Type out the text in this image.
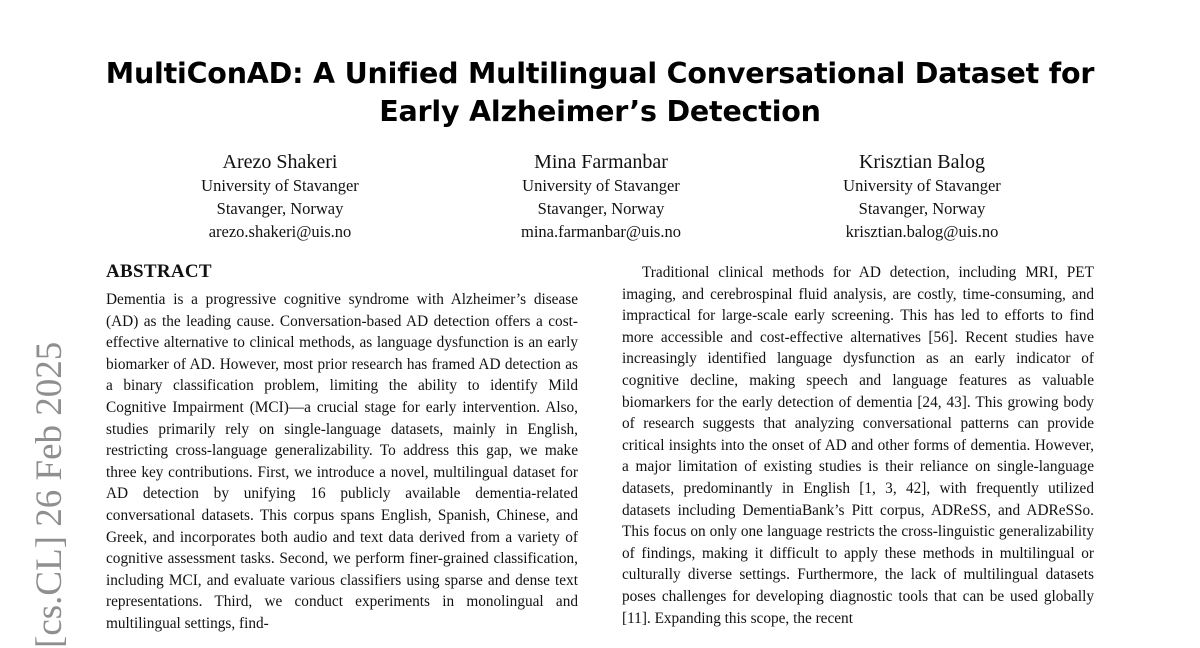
MultiConAD: A Unified Multilingual Conversational Dataset for
Early Alzheimer’s Detection
Arezo Shakeri
University of Stavanger
Stavanger, Norway
arezo.shakeri@uis.no
Mina Farmanbar
University of Stavanger
Stavanger, Norway
mina.farmanbar@uis.no
Krisztian Balog
University of Stavanger
Stavanger, Norway
krisztian.balog@uis.no
[cs.CL] 26 Feb 2025
ABSTRACT

Dementia is a progressive cognitive syndrome with Alzheimer’s disease (AD) as the leading cause. Conversation-based AD detection offers a cost-effective alternative to clinical methods, as language dysfunction is an early biomarker of AD. However, most prior research has framed AD detection as a binary classification problem, limiting the ability to identify Mild Cognitive Impairment (MCI)—a crucial stage for early intervention. Also, studies primarily rely on single-language datasets, mainly in English, restricting cross-language generalizability. To address this gap, we make three key contributions. First, we introduce a novel, multilingual dataset for AD detection by unifying 16 publicly available dementia-related conversational datasets. This corpus spans English, Spanish, Chinese, and Greek, and incorporates both audio and text data derived from a variety of cognitive assessment tasks. Second, we perform finer-grained classification, including MCI, and evaluate various classifiers using sparse and dense text representations. Third, we conduct experiments in monolingual and multilingual settings, find-

Traditional clinical methods for AD detection, including MRI, PET imaging, and cerebrospinal fluid analysis, are costly, time-consuming, and impractical for large-scale early screening. This has led to efforts to find more accessible and cost-effective alternatives [56]. Recent studies have increasingly identified language dysfunction as an early indicator of cognitive decline, making speech and language features as valuable biomarkers for the early detection of dementia [24, 43]. This growing body of research suggests that analyzing conversational patterns can provide critical insights into the onset of AD and other forms of dementia. However, a major limitation of existing studies is their reliance on single-language datasets, predominantly in English [1, 3, 42], with frequently utilized datasets including DementiaBank’s Pitt corpus, ADReSS, and ADReSSo. This focus on only one language restricts the cross-linguistic generalizability of findings, making it difficult to apply these methods in multilingual or culturally diverse settings. Furthermore, the lack of multilingual datasets poses challenges for developing diagnostic tools that can be used globally [11]. Expanding this scope, the recent
